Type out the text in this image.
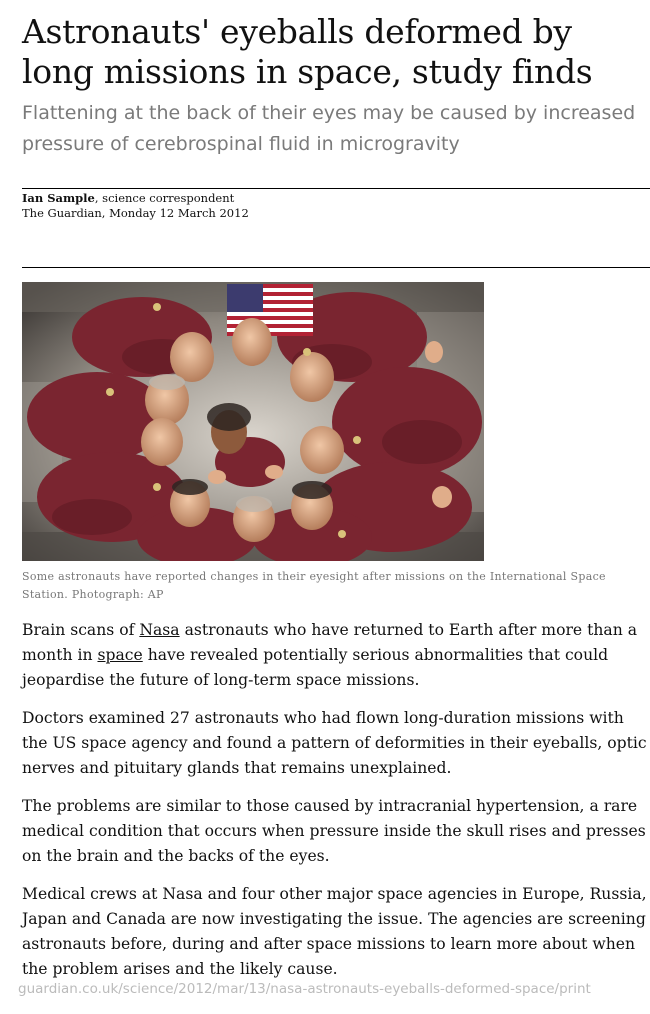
Astronauts' eyeballs deformed by long missions in space, study finds
Flattening at the back of their eyes may be caused by increased pressure of cerebrospinal fluid in microgravity
Ian Sample, science correspondent
The Guardian, Monday 12 March 2012
Some astronauts have reported changes in their eyesight after missions on the International Space Station. Photograph: AP

Brain scans of Nasa astronauts who have returned to Earth after more than a month in space have revealed potentially serious abnormalities that could jeopardise the future of long-term space missions.

Doctors examined 27 astronauts who had flown long-duration missions with the US space agency and found a pattern of deformities in their eyeballs, optic nerves and pituitary glands that remains unexplained.

The problems are similar to those caused by intracranial hypertension, a rare medical condition that occurs when pressure inside the skull rises and presses on the brain and the backs of the eyes.

Medical crews at Nasa and four other major space agencies in Europe, Russia, Japan and Canada are now investigating the issue. The agencies are screening astronauts before, during and after space missions to learn more about when the problem arises and the likely cause.

guardian.co.uk/science/2012/mar/13/nasa-astronauts-eyeballs-deformed-space/print
